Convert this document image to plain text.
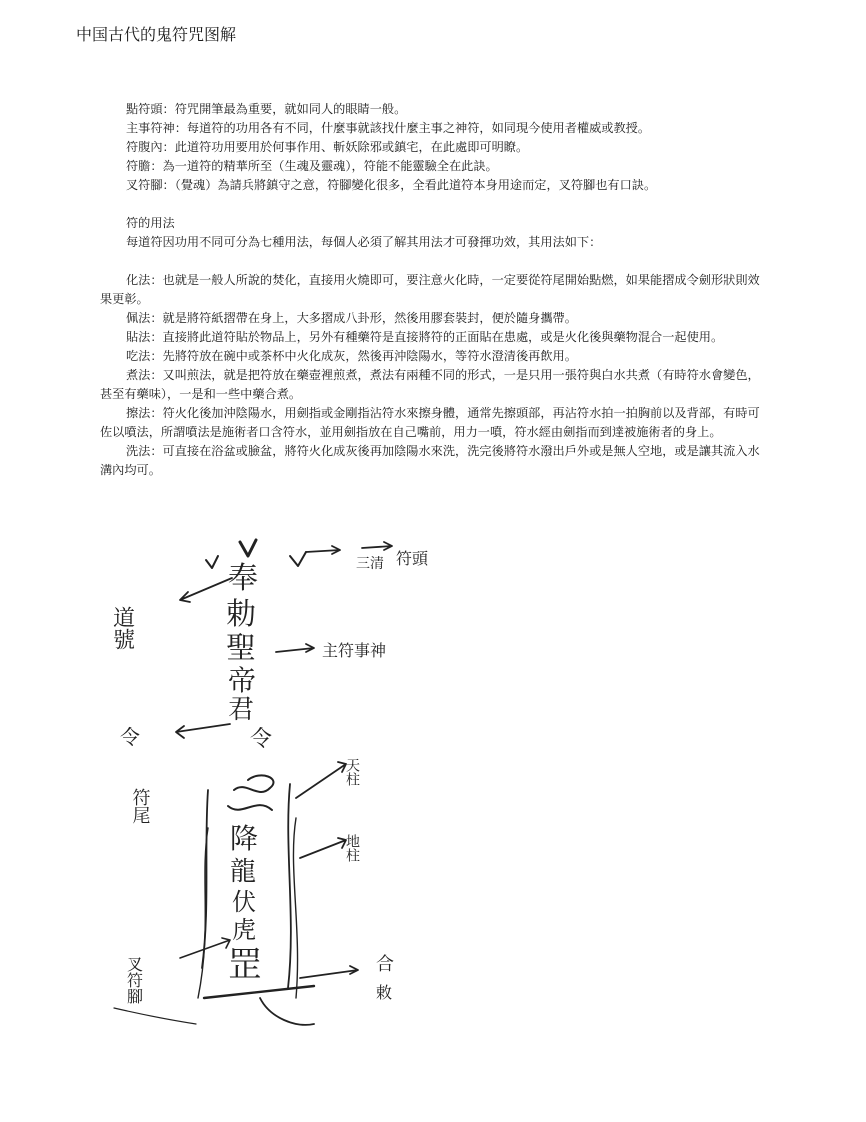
中国古代的鬼符咒图解

點符頭：符咒開筆最為重要，就如同人的眼睛一般。

主事符神：每道符的功用各有不同，什麼事就該找什麼主事之神符，如同現今使用者權威或教授。

符腹內：此道符功用要用於何事作用、斬妖除邪或鎮宅，在此處即可明瞭。

符膽：為一道符的精華所至（生魂及靈魂），符能不能靈驗全在此訣。

叉符腳：（覺魂）為請兵將鎮守之意，符腳變化很多，全看此道符本身用途而定，叉符腳也有口訣。

符的用法

每道符因功用不同可分為七種用法，每個人必須了解其用法才可發揮功效，其用法如下：

化法：也就是一般人所說的焚化，直接用火燒即可，要注意火化時，一定要從符尾開始點燃，如果能摺成令劍形狀則效果更彰。

佩法：就是將符紙摺帶在身上，大多摺成八卦形，然後用膠套裝封，便於隨身攜帶。

貼法：直接將此道符貼於物品上，另外有種藥符是直接將符的正面貼在患處，或是火化後與藥物混合一起使用。

吃法：先將符放在碗中或茶杯中火化成灰，然後再沖陰陽水，等符水澄清後再飲用。

煮法：又叫煎法，就是把符放在藥壺裡煎煮，煮法有兩種不同的形式，一是只用一張符與白水共煮（有時符水會變色，甚至有藥味），一是和一些中藥合煮。

擦法：符火化後加沖陰陽水，用劍指或金剛指沾符水來擦身體，通常先擦頭部，再沾符水拍一拍胸前以及背部，有時可佐以噴法，所謂噴法是施術者口含符水，並用劍指放在自己嘴前，用力一噴，符水經由劍指而到達被施術者的身上。

洗法：可直接在浴盆或臉盆，將符火化成灰後再加陰陽水來洗，洗完後將符水潑出戶外或是無人空地，或是讓其流入水溝內均可。

三清 符頭
主符事神
道號
令
符尾
天柱
地柱
叉符腳	合
敕
奉
勅
聖
帝
君
令
降
龍
伏
虎
罡
